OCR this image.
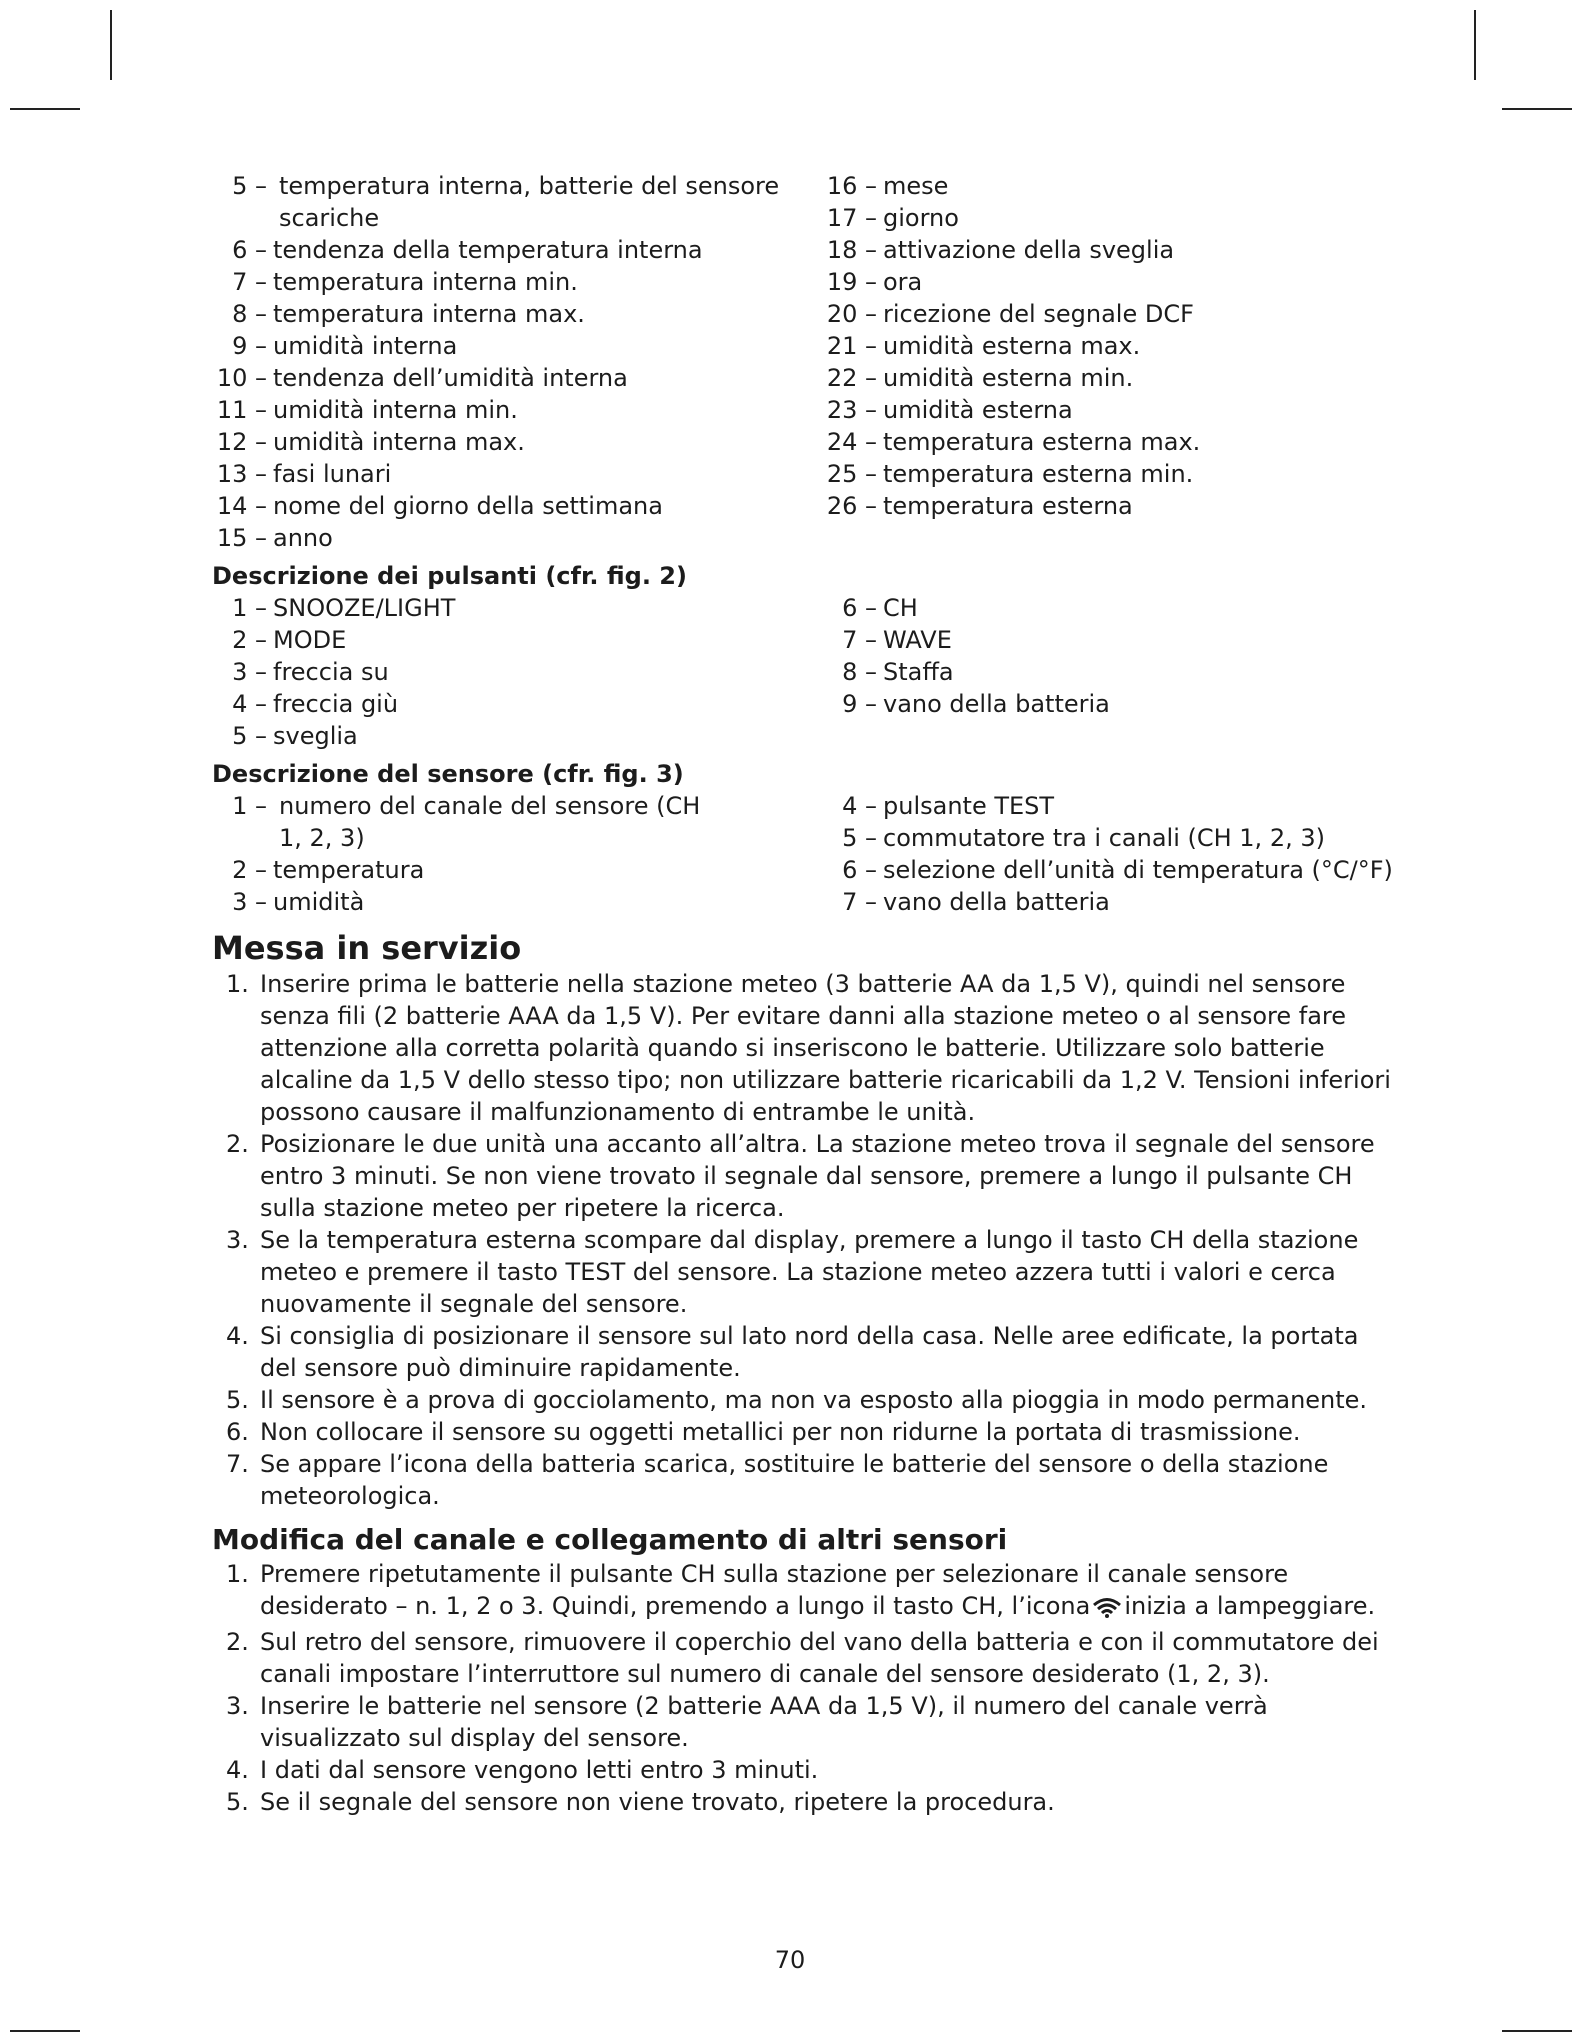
5 – temperatura interna, batterie del sensore scariche
6 – tendenza della temperatura interna
7 – temperatura interna min.
8 – temperatura interna max.
9 – umidità interna
10 – tendenza dell’umidità interna
11 – umidità interna min.
12 – umidità interna max.
13 – fasi lunari
14 – nome del giorno della settimana
15 – anno
16 – mese
17 – giorno
18 – attivazione della sveglia
19 – ora
20 – ricezione del segnale DCF
21 – umidità esterna max.
22 – umidità esterna min.
23 – umidità esterna
24 – temperatura esterna max.
25 – temperatura esterna min.
26 – temperatura esterna
Descrizione dei pulsanti (cfr. fig. 2)
1 – SNOOZE/LIGHT
2 – MODE
3 – freccia su
4 – freccia giù
5 – sveglia
6 – CH
7 – WAVE
8 – Staffa
9 – vano della batteria
Descrizione del sensore (cfr. fig. 3)
1 – numero del canale del sensore (CH 1, 2, 3)
2 – temperatura
3 – umidità
4 – pulsante TEST
5 – commutatore tra i canali (CH 1, 2, 3)
6 – selezione dell’unità di temperatura (°C/°F)
7 – vano della batteria
Messa in servizio
1. Inserire prima le batterie nella stazione meteo (3 batterie AA da 1,5 V), quindi nel sensore senza fili (2 batterie AAA da 1,5 V). Per evitare danni alla stazione meteo o al sensore fare attenzione alla corretta polarità quando si inseriscono le batterie. Utilizzare solo batterie alcaline da 1,5 V dello stesso tipo; non utilizzare batterie ricaricabili da 1,2 V. Tensioni inferiori possono causare il malfunzionamento di entrambe le unità.
2. Posizionare le due unità una accanto all’altra. La stazione meteo trova il segnale del sensore entro 3 minuti. Se non viene trovato il segnale dal sensore, premere a lungo il pulsante CH sulla stazione meteo per ripetere la ricerca.
3. Se la temperatura esterna scompare dal display, premere a lungo il tasto CH della stazione meteo e premere il tasto TEST del sensore. La stazione meteo azzera tutti i valori e cerca nuovamente il segnale del sensore.
4. Si consiglia di posizionare il sensore sul lato nord della casa. Nelle aree edificate, la portata del sensore può diminuire rapidamente.
5. Il sensore è a prova di gocciolamento, ma non va esposto alla pioggia in modo permanente.
6. Non collocare il sensore su oggetti metallici per non ridurne la portata di trasmissione.
7. Se appare l’icona della batteria scarica, sostituire le batterie del sensore o della stazione meteorologica.
Modifica del canale e collegamento di altri sensori
1. Premere ripetutamente il pulsante CH sulla stazione per selezionare il canale sensore desiderato – n. 1, 2 o 3. Quindi, premendo a lungo il tasto CH, l’icona inizia a lampeggiare.
2. Sul retro del sensore, rimuovere il coperchio del vano della batteria e con il commutatore dei canali impostare l’interruttore sul numero di canale del sensore desiderato (1, 2, 3).
3. Inserire le batterie nel sensore (2 batterie AAA da 1,5 V), il numero del canale verrà visualizzato sul display del sensore.
4. I dati dal sensore vengono letti entro 3 minuti.
5. Se il segnale del sensore non viene trovato, ripetere la procedura.
70
